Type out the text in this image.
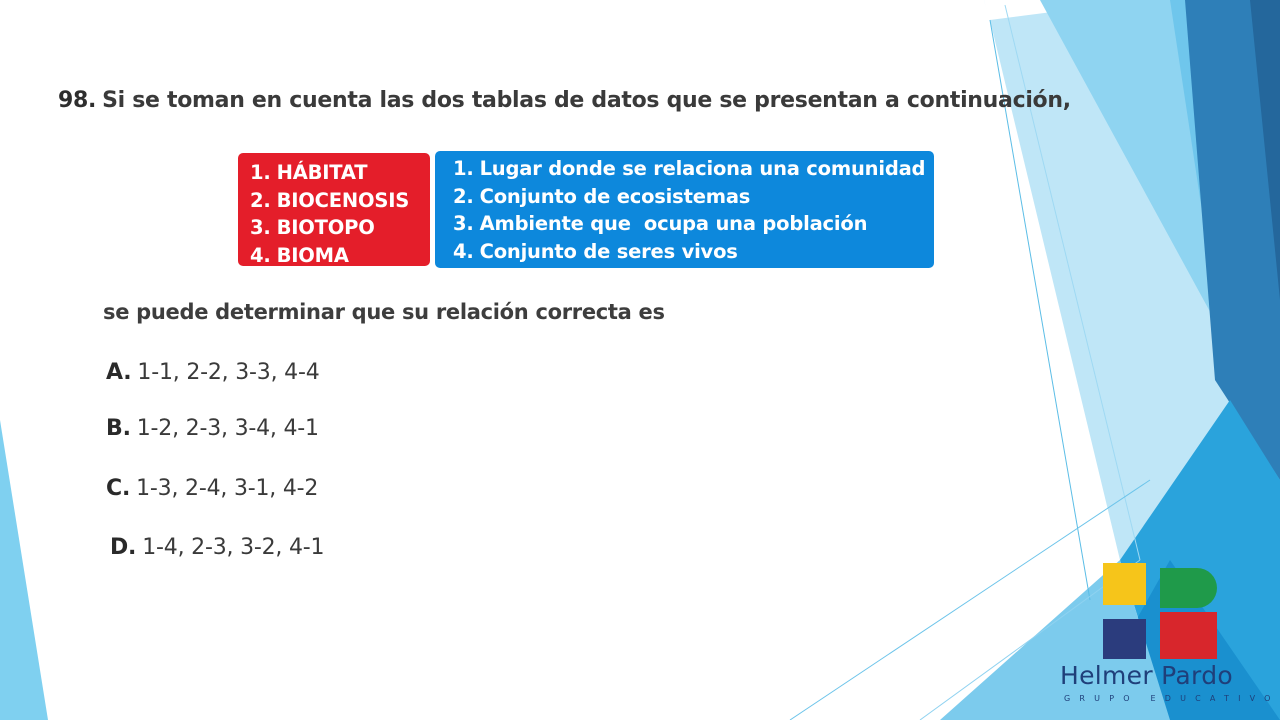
98. Si se toman en cuenta las dos tablas de datos que se presentan a continuación,
1. HÁBITAT
2. BIOCENOSIS
3. BIOTOPO
4. BIOMA
1. Lugar donde se relaciona una comunidad
2. Conjunto de ecosistemas
3. Ambiente que  ocupa una población
4. Conjunto de seres vivos
se puede determinar que su relación correcta es
A. 1-1, 2-2, 3-3, 4-4
B. 1-2, 2-3, 3-4, 4-1
C. 1-3, 2-4, 3-1, 4-2
D. 1-4, 2-3, 3-2, 4-1
Helmer Pardo
GRUPO EDUCATIVO
